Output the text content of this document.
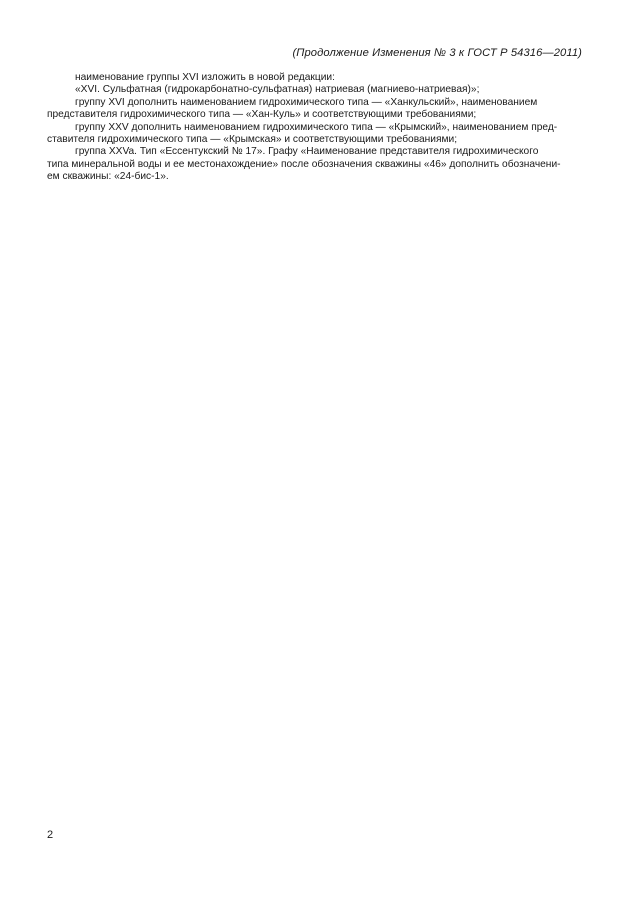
(Продолжение Изменения № 3 к ГОСТ Р 54316—2011)
наименование группы XVI изложить в новой редакции:
«XVI. Сульфатная (гидрокарбонатно-сульфатная) натриевая (магниево-натриевая)»;
группу XVI дополнить наименованием гидрохимического типа — «Ханкульский», наименованием
представителя гидрохимического типа — «Хан-Куль» и соответствующими требованиями;
группу XXV дополнить наименованием гидрохимического типа — «Крымский», наименованием пред-
ставителя гидрохимического типа — «Крымская» и соответствующими требованиями;
группа XXVa. Тип «Ессентукский № 17». Графу «Наименование представителя гидрохимического
типа минеральной воды и ее местонахождение» после обозначения скважины «46» дополнить обозначени-
ем скважины: «24-бис-1».
2
